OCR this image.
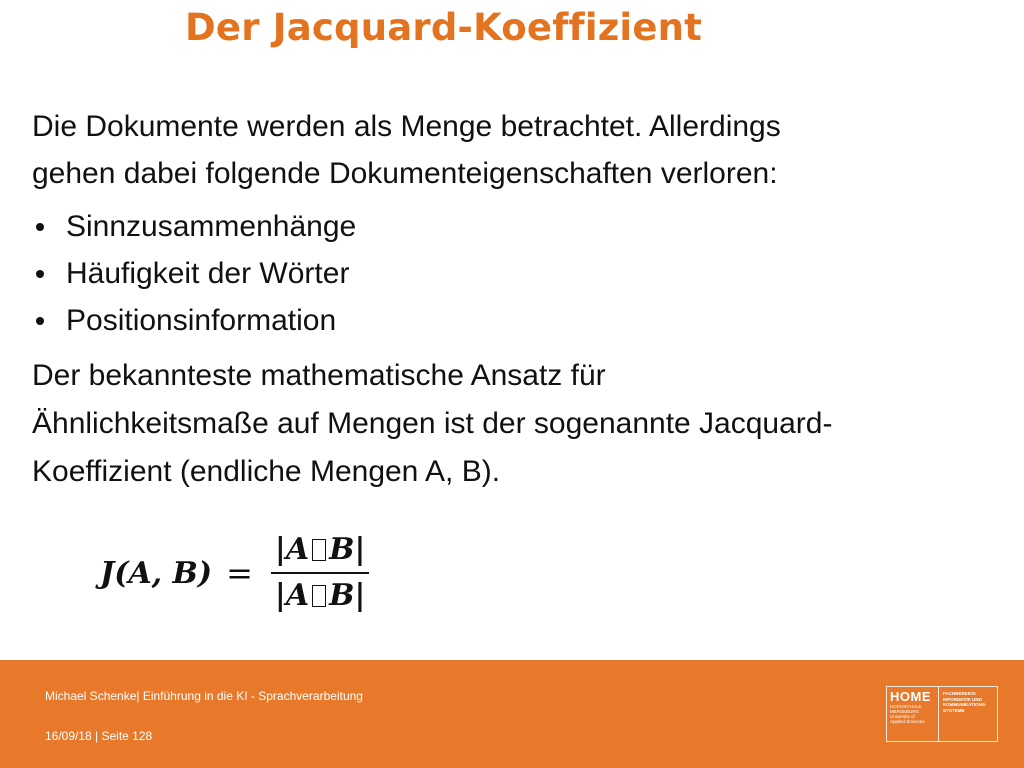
Der Jacquard-Koeffizient
Die Dokumente werden als Menge betrachtet. Allerdings
gehen dabei folgende Dokumenteigenschaften verloren:
Sinnzusammenhänge
Häufigkeit der Wörter
Positionsinformation
Der bekannteste mathematische Ansatz für
Ähnlichkeitsmaße auf Mengen ist der sogenannte Jacquard-
Koeffizient (endliche Mengen A, B).
J(A, $B) = \frac{\text{|A B|}}{\text{|A B|}}$
Michael Schenke| Einführung in die KI - Sprachverarbeitung
16/09/18 | Seite 128
HOME
HOCHSCHULE
MERSEBURG
University of
Applied Sciences
FACHBEREICH
INFORMATIK UND
KOMMUNIKATIONS-
SYSTEME
